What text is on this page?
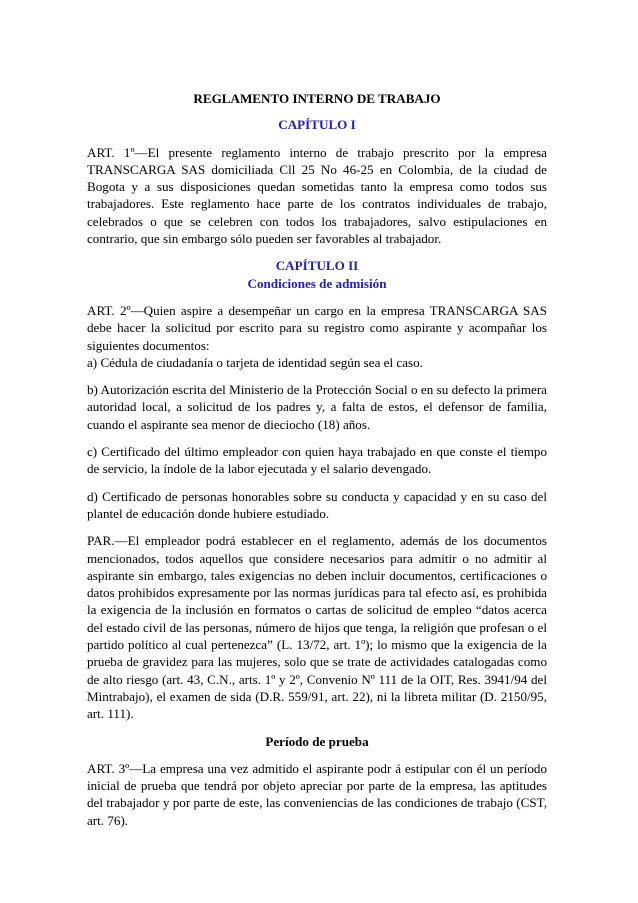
REGLAMENTO INTERNO DE TRABAJO

CAPÍTULO I

ART. 1º—El presente reglamento interno de trabajo prescrito por la empresa TRANSCARGA SAS domiciliada Cll 25 No 46-25 en Colombia, de la ciudad de Bogota y a sus disposiciones quedan sometidas tanto la empresa como todos sus trabajadores. Este reglamento hace parte de los contratos individuales de trabajo, celebrados o que se celebren con todos los trabajadores, salvo estipulaciones en contrario, que sin embargo sólo pueden ser favorables al trabajador.

CAPÍTULO II

Condiciones de admisión

ART. 2º—Quien aspire a desempeñar un cargo en la empresa TRANSCARGA SAS debe hacer la solicitud por escrito para su registro como aspirante y acompañar los siguientes documentos:

a) Cédula de ciudadanía o tarjeta de identidad según sea el caso.

b) Autorización escrita del Ministerio de la Protección Social o en su defecto la primera autoridad local, a solicitud de los padres y, a falta de estos, el defensor de familia, cuando el aspirante sea menor de dieciocho (18) años.

c) Certificado del último empleador con quien haya trabajado en que conste el tiempo de servicio, la índole de la labor ejecutada y el salario devengado.

d) Certificado de personas honorables sobre su conducta y capacidad y en su caso del plantel de educación donde hubiere estudiado.

PAR.—El empleador podrá establecer en el reglamento, además de los documentos mencionados, todos aquellos que considere necesarios para admitir o no admitir al aspirante sin embargo, tales exigencias no deben incluir documentos, certificaciones o datos prohibidos expresamente por las normas jurídicas para tal efecto así, es prohibida la exigencia de la inclusión en formatos o cartas de solicitud de empleo “datos acerca del estado civil de las personas, número de hijos que tenga, la religión que profesan o el partido político al cual pertenezca” (L. 13/72, art. 1º); lo mismo que la exigencia de la prueba de gravidez para las mujeres, solo que se trate de actividades catalogadas como de alto riesgo (art. 43, C.N., arts. 1º y 2º, Convenio Nº 111 de la OIT, Res. 3941/94 del Mintrabajo), el examen de sida (D.R. 559/91, art. 22), ni la libreta militar (D. 2150/95, art. 111).

Período de prueba

ART. 3º—La empresa una vez admitido el aspirante podr á estipular con él un período inicial de prueba que tendrá por objeto apreciar por parte de la empresa, las aptitudes del trabajador y por parte de este, las conveniencias de las condiciones de trabajo (CST, art. 76).
